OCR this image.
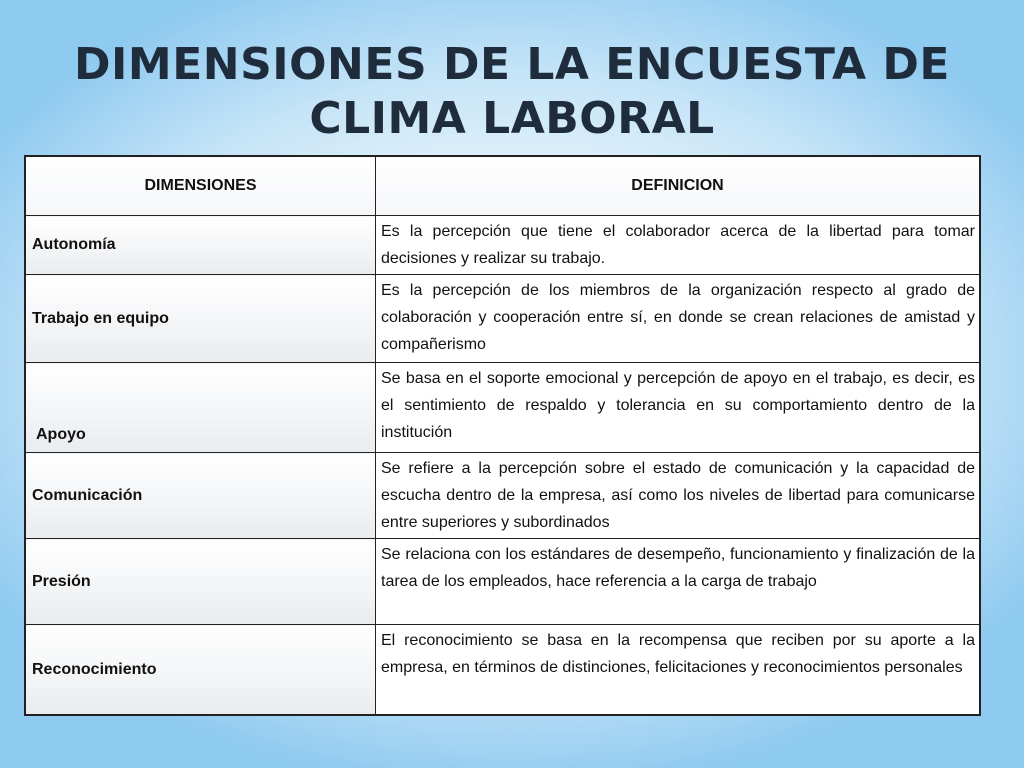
DIMENSIONES DE LA ENCUESTA DE CLIMA LABORAL
DIMENSIONES	DEFINICION
Autonomía	Es la percepción que tiene el colaborador acerca de la libertad para tomar decisiones y realizar su trabajo.
Trabajo en equipo	Es la percepción de los miembros de la organización respecto al grado de colaboración y cooperación entre sí, en donde se crean relaciones de amistad y compañerismo
Apoyo	Se basa en el soporte emocional y percepción de apoyo en el trabajo, es decir, es el sentimiento de respaldo y tolerancia en su comportamiento dentro de la institución
Comunicación	Se refiere a la percepción sobre el estado de comunicación y la capacidad de escucha dentro de la empresa, así como los niveles de libertad para comunicarse entre superiores y subordinados
Presión	Se relaciona con los estándares de desempeño, funcionamiento y finalización de la tarea de los empleados, hace referencia a la carga de trabajo
Reconocimiento	El reconocimiento se basa en la recompensa que reciben por su aporte a la empresa, en términos de distinciones, felicitaciones y reconocimientos personales
